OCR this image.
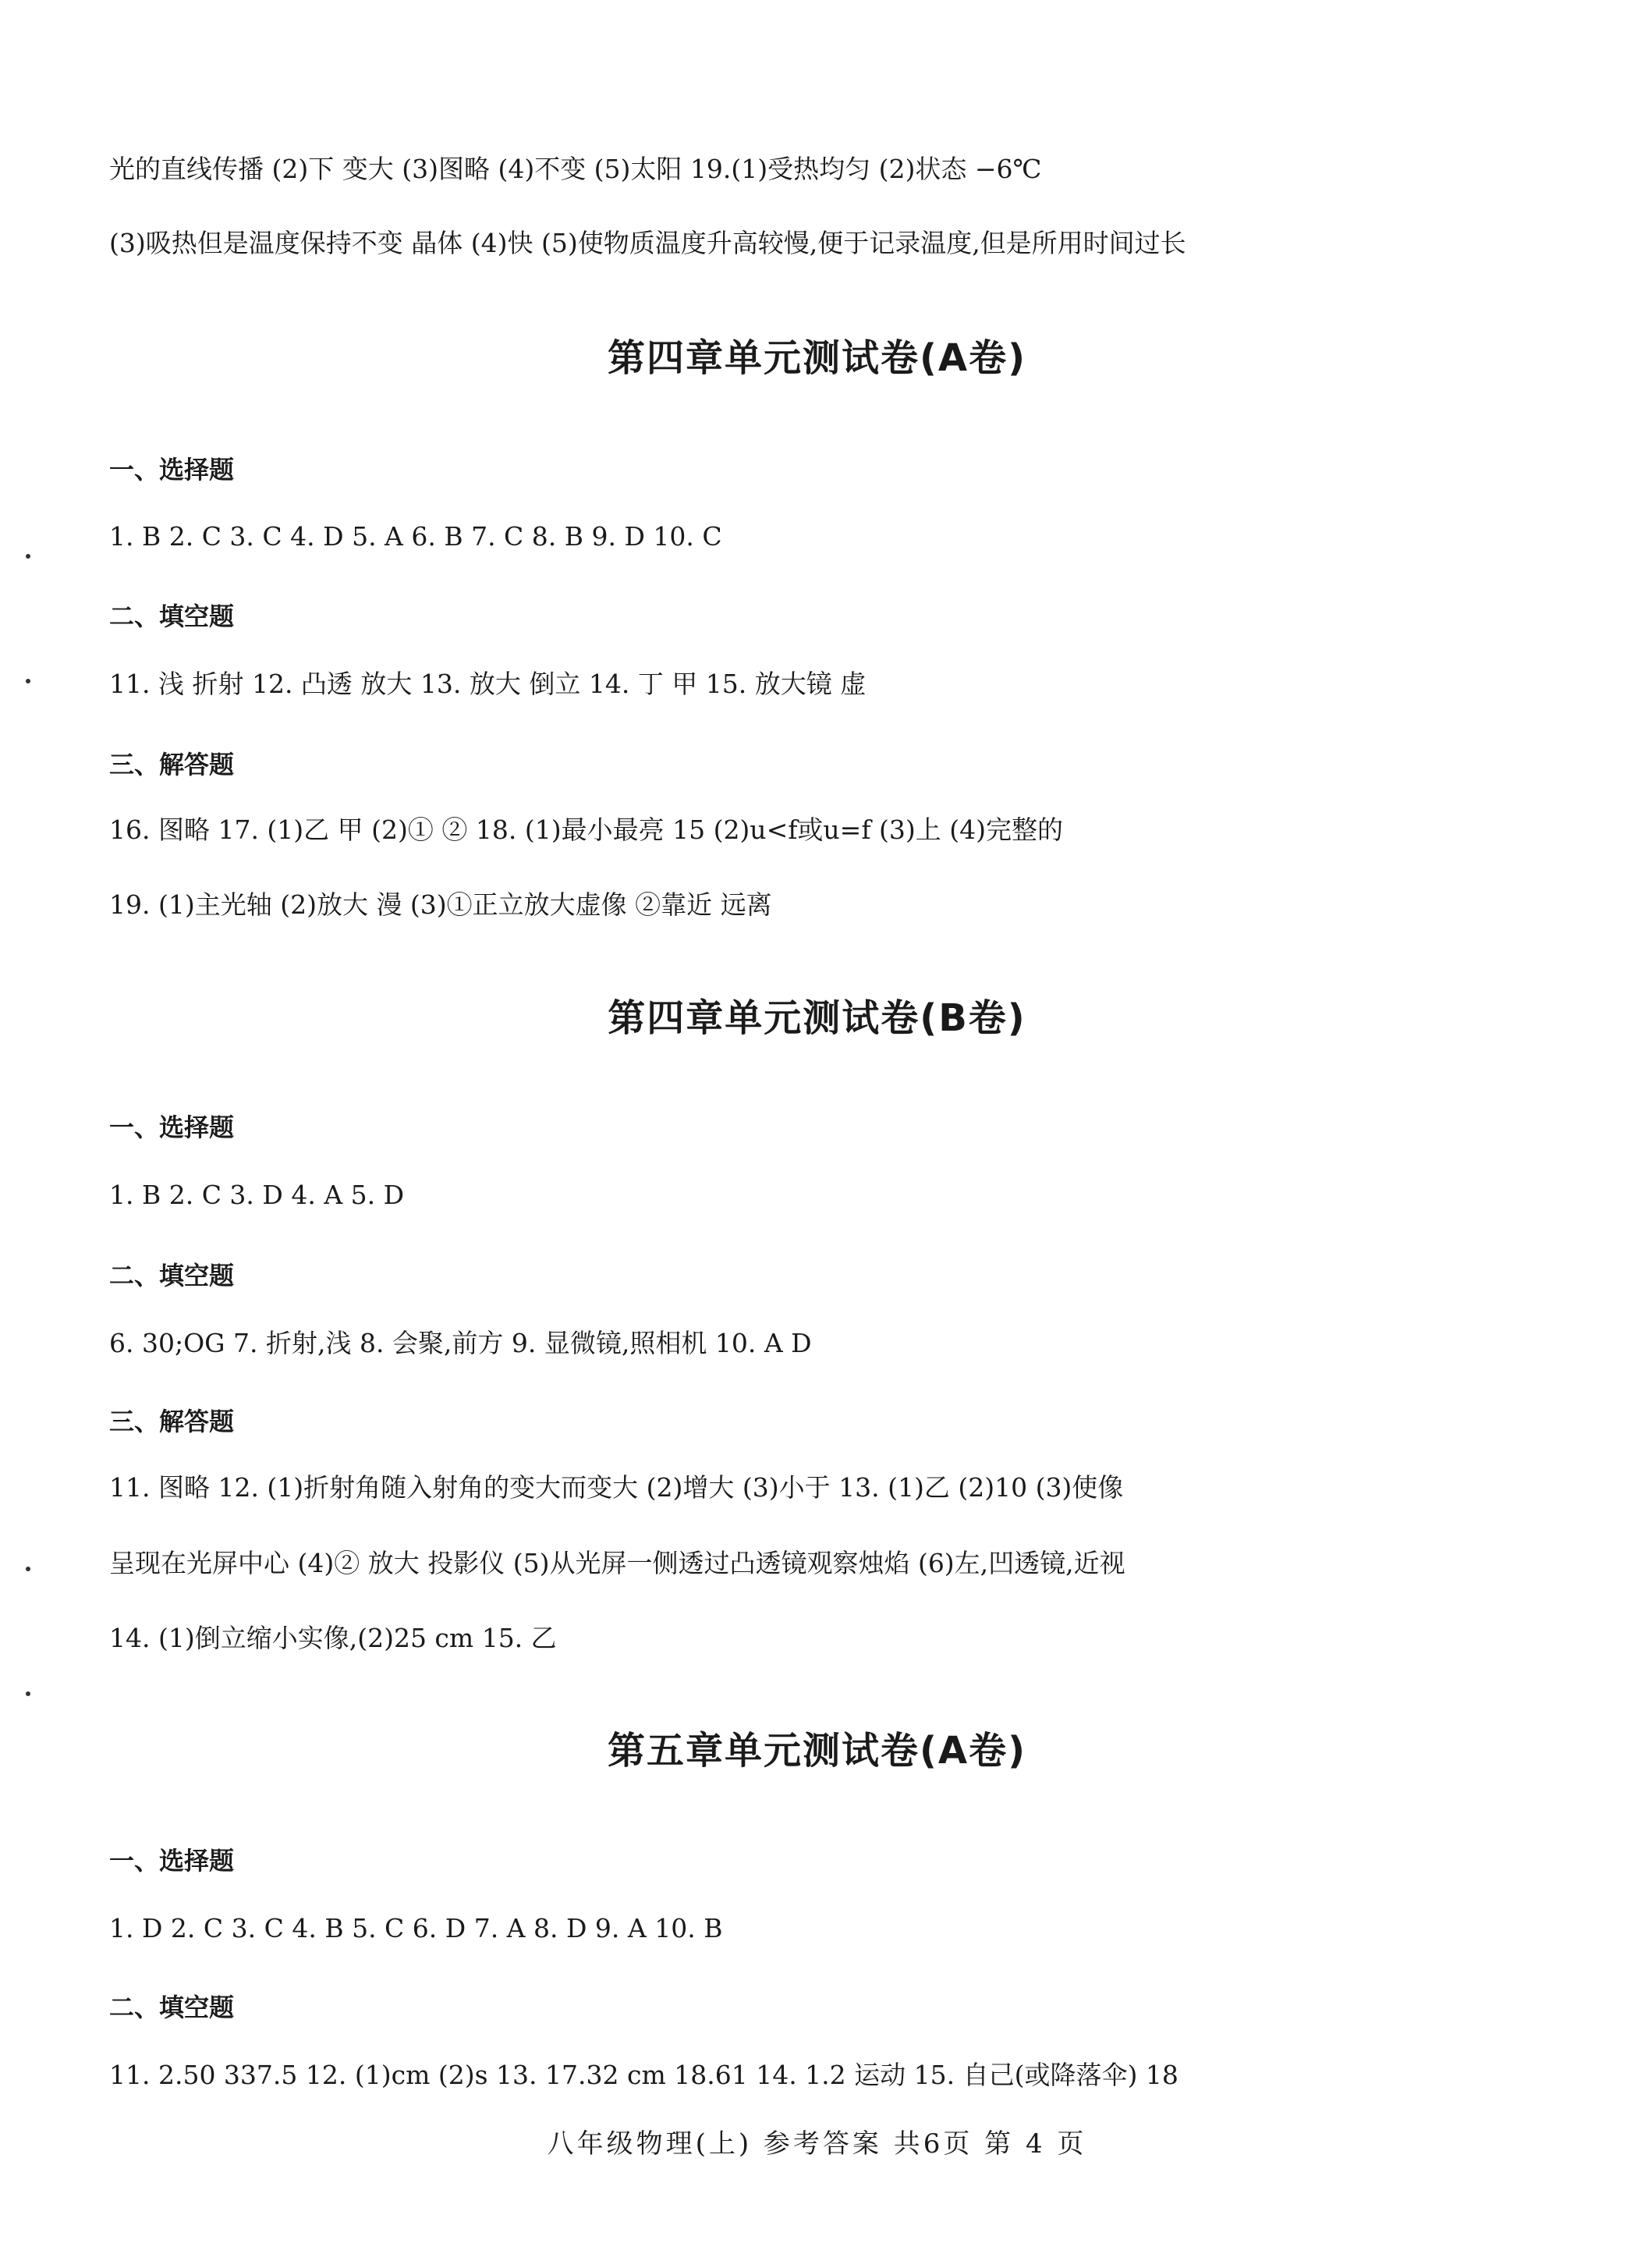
光的直线传播 (2)下 变大 (3)图略 (4)不变 (5)太阳 19.(1)受热均匀 (2)状态 −6℃
(3)吸热但是温度保持不变 晶体 (4)快 (5)使物质温度升高较慢,便于记录温度,但是所用时间过长
第四章单元测试卷(A卷)
一、选择题
1. B 2. C 3. C 4. D 5. A 6. B 7. C 8. B 9. D 10. C
二、填空题
11. 浅 折射 12. 凸透 放大 13. 放大 倒立 14. 丁 甲 15. 放大镜 虚
三、解答题
16. 图略 17. (1)乙 甲 (2)① ② 18. (1)最小最亮 15 (2)u<f或u=f (3)上 (4)完整的
19. (1)主光轴 (2)放大 漫 (3)①正立放大虚像 ②靠近 远离
第四章单元测试卷(B卷)
一、选择题
1. B 2. C 3. D 4. A 5. D
二、填空题
6. 30;OG 7. 折射,浅 8. 会聚,前方 9. 显微镜,照相机 10. A D
三、解答题
11. 图略 12. (1)折射角随入射角的变大而变大 (2)增大 (3)小于 13. (1)乙 (2)10 (3)使像
呈现在光屏中心 (4)② 放大 投影仪 (5)从光屏一侧透过凸透镜观察烛焰 (6)左,凹透镜,近视
14. (1)倒立缩小实像,(2)25 cm 15. 乙
第五章单元测试卷(A卷)
一、选择题
1. D 2. C 3. C 4. B 5. C 6. D 7. A 8. D 9. A 10. B
二、填空题
11. 2.50 337.5 12. (1)cm (2)s 13. 17.32 cm 18.61 14. 1.2 运动 15. 自己(或降落伞) 18
八年级物理(上) 参考答案 共6页 第 4 页
